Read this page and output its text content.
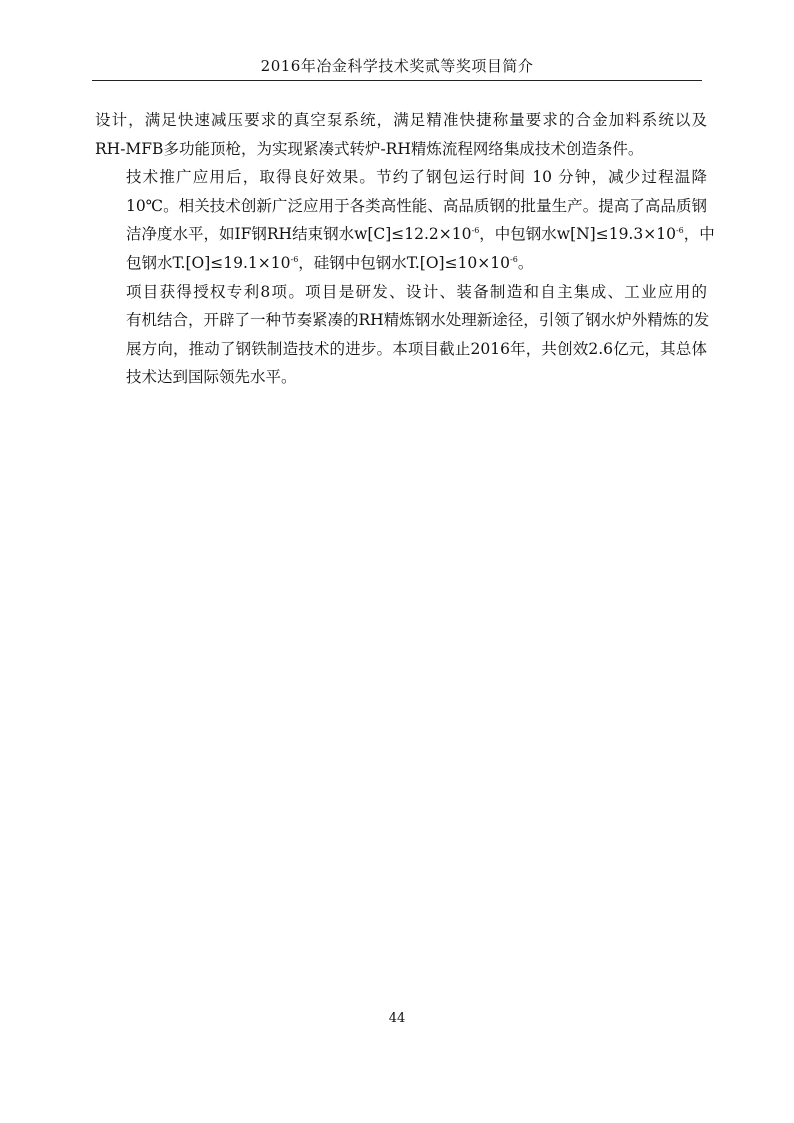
2016年冶金科学技术奖贰等奖项目简介

设计，满足快速减压要求的真空泵系统，满足精准快捷称量要求的合金加料系统以及
RH-MFB多功能顶枪，为实现紧凑式转炉-RH精炼流程网络集成技术创造条件。

技术推广应用后，取得良好效果。节约了钢包运行时间 10 分钟，减少过程温降
10℃。相关技术创新广泛应用于各类高性能、高品质钢的批量生产。提高了高品质钢
洁净度水平，如IF钢RH结束钢水$w[C]\le 12.2\times 10^{-6}$，中包钢水$w[N]\le 19.3\times 10^{-6}$，中
包钢水$T.[O]\le 19.1\times 10^{-6}$，硅钢中包钢水$T.[O]\le 10\times 10^{-6}$。

项目获得授权专利8项。项目是研发、设计、装备制造和自主集成、工业应用的
有机结合，开辟了一种节奏紧凑的RH精炼钢水处理新途径，引领了钢水炉外精炼的发
展方向，推动了钢铁制造技术的进步。本项目截止2016年，共创效2.6亿元，其总体
技术达到国际领先水平。

44
